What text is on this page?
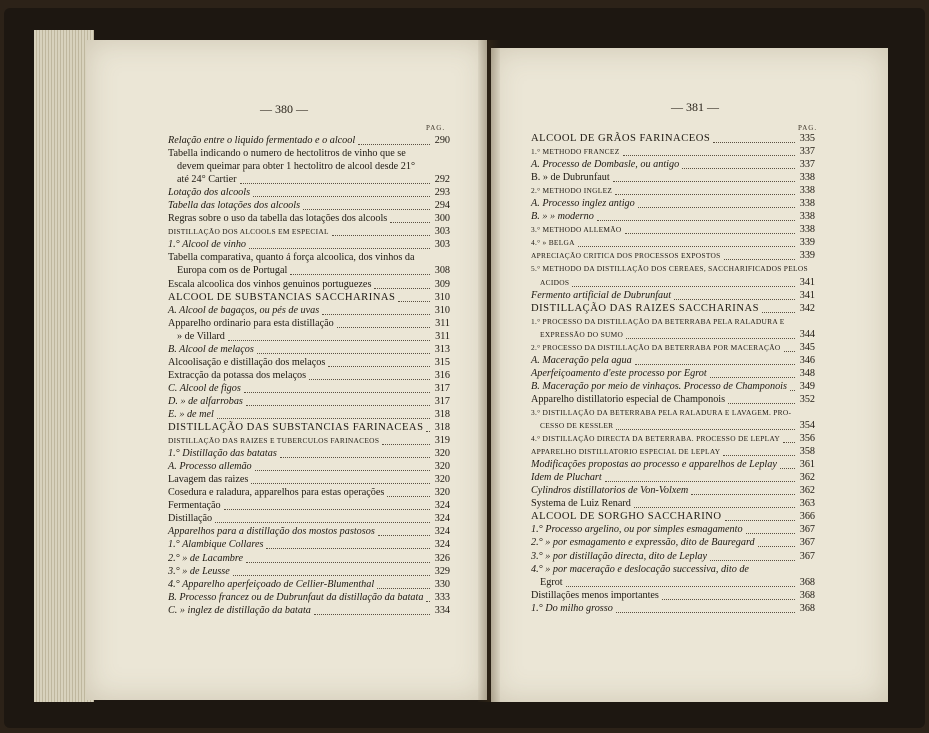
— 380 —
PAG.
Relação entre o liquido fermentado e o alcool	290
Tabella indicando o numero de hectolitros de vinho que se
devem queimar para obter 1 hectolitro de alcool desde 21°
até 24° Cartier	292
Lotação dos alcools	293
Tabella das lotações dos alcools	294
Regras sobre o uso da tabella das lotações dos alcools	300
DISTILLAÇÃO DOS ALCOOLS EM ESPECIAL	303
1.° Alcool de vinho	303
Tabella comparativa, quanto á força alcoolica, dos vinhos da
Europa com os de Portugal	308
Escala alcoolica dos vinhos genuinos portuguezes	309
ALCOOL DE SUBSTANCIAS SACCHARINAS	310
A. Alcool de bagaços, ou pés de uvas	310
Apparelho ordinario para esta distillação	311
» de Villard	311
B. Alcool de melaços	313
Alcoolisação e distillação dos melaços	315
Extracção da potassa dos melaços	316
C. Alcool de figos	317
D. » de alfarrobas	317
E. » de mel	318
DISTILLAÇÃO DAS SUBSTANCIAS FARINACEAS 318
DISTILLAÇÃO DAS RAIZES E TUBERCULOS FARINACEOS	319
1.° Distillação das batatas	320
A. Processo allemão	320
Lavagem das raizes	320
Cosedura e raladura, apparelhos para estas operações	320
Fermentação	324
Distillação	324
Apparelhos para a distillação dos mostos pastosos	324
1.° Alambique Collares	324
2.° » de Lacambre	326
3.° » de Leusse	329
4.° Apparelho aperfeiçoado de Cellier-Blumenthal	330
B. Processo francez ou de Dubrunfaut da distillação da batata 333
C. » inglez de distillação da batata	334
— 381 —
PAG.
ALCOOL DE GRÃOS FARINACEOS	335
1.° METHODO FRANCEZ	337
A. Processo de Dombasle, ou antigo	337
B. » de Dubrunfaut	338
2.° METHODO INGLEZ	338
A. Processo inglez antigo	338
B. » » moderno	338
3.° METHODO ALLEMÃO	338
4.° » BELGA	339
APRECIAÇÃO CRITICA DOS PROCESSOS EXPOSTOS	339
5.° METHODO DA DISTILLAÇÃO DOS CEREAES, SACCHARIFICADOS PELOS
ACIDOS	341
Fermento artificial de Dubrunfaut	341
DISTILLAÇÃO DAS RAIZES SACCHARINAS	342
1.° PROCESSO DA DISTILLAÇÃO DA BETERRABA PELA RALADURA E
EXPRESSÃO DO SUMO	344
2.° PROCESSO DA DISTILLAÇÃO DA BETERRABA POR MACERAÇÃO 345
A. Maceração pela agua	346
Aperfeiçoamento d'este processo por Egrot	348
B. Maceração por meio de vinhaços. Processo de Champonois 349
Apparelho distillatorio especial de Champonois	352
3.° DISTILLAÇÃO DA BETERRABA PELA RALADURA E LAVAGEM. PRO-
CESSO DE KESSLER	354
4.° DISTILLAÇÃO DIRECTA DA BETERRABA. PROCESSO DE LEPLAY 356
APPARELHO DISTILLATORIO ESPECIAL DE LEPLAY	358
Modificações propostas ao processo e apparelhos de Leplay 361
Idem de Pluchart	362
Cylindros distillatorios de Von-Volxem	362
Systema de Luiz Renard	363
ALCOOL DE SORGHO SACCHARINO	366
1.° Processo argelino, ou por simples esmagamento	367
2.° » por esmagamento e expressão, dito de Bauregard	367
3.° » por distillação directa, dito de Leplay	367
4.° » por maceração e deslocação successiva, dito de
Egrot	368
Distillações menos importantes	368
1.° Do milho grosso	368
